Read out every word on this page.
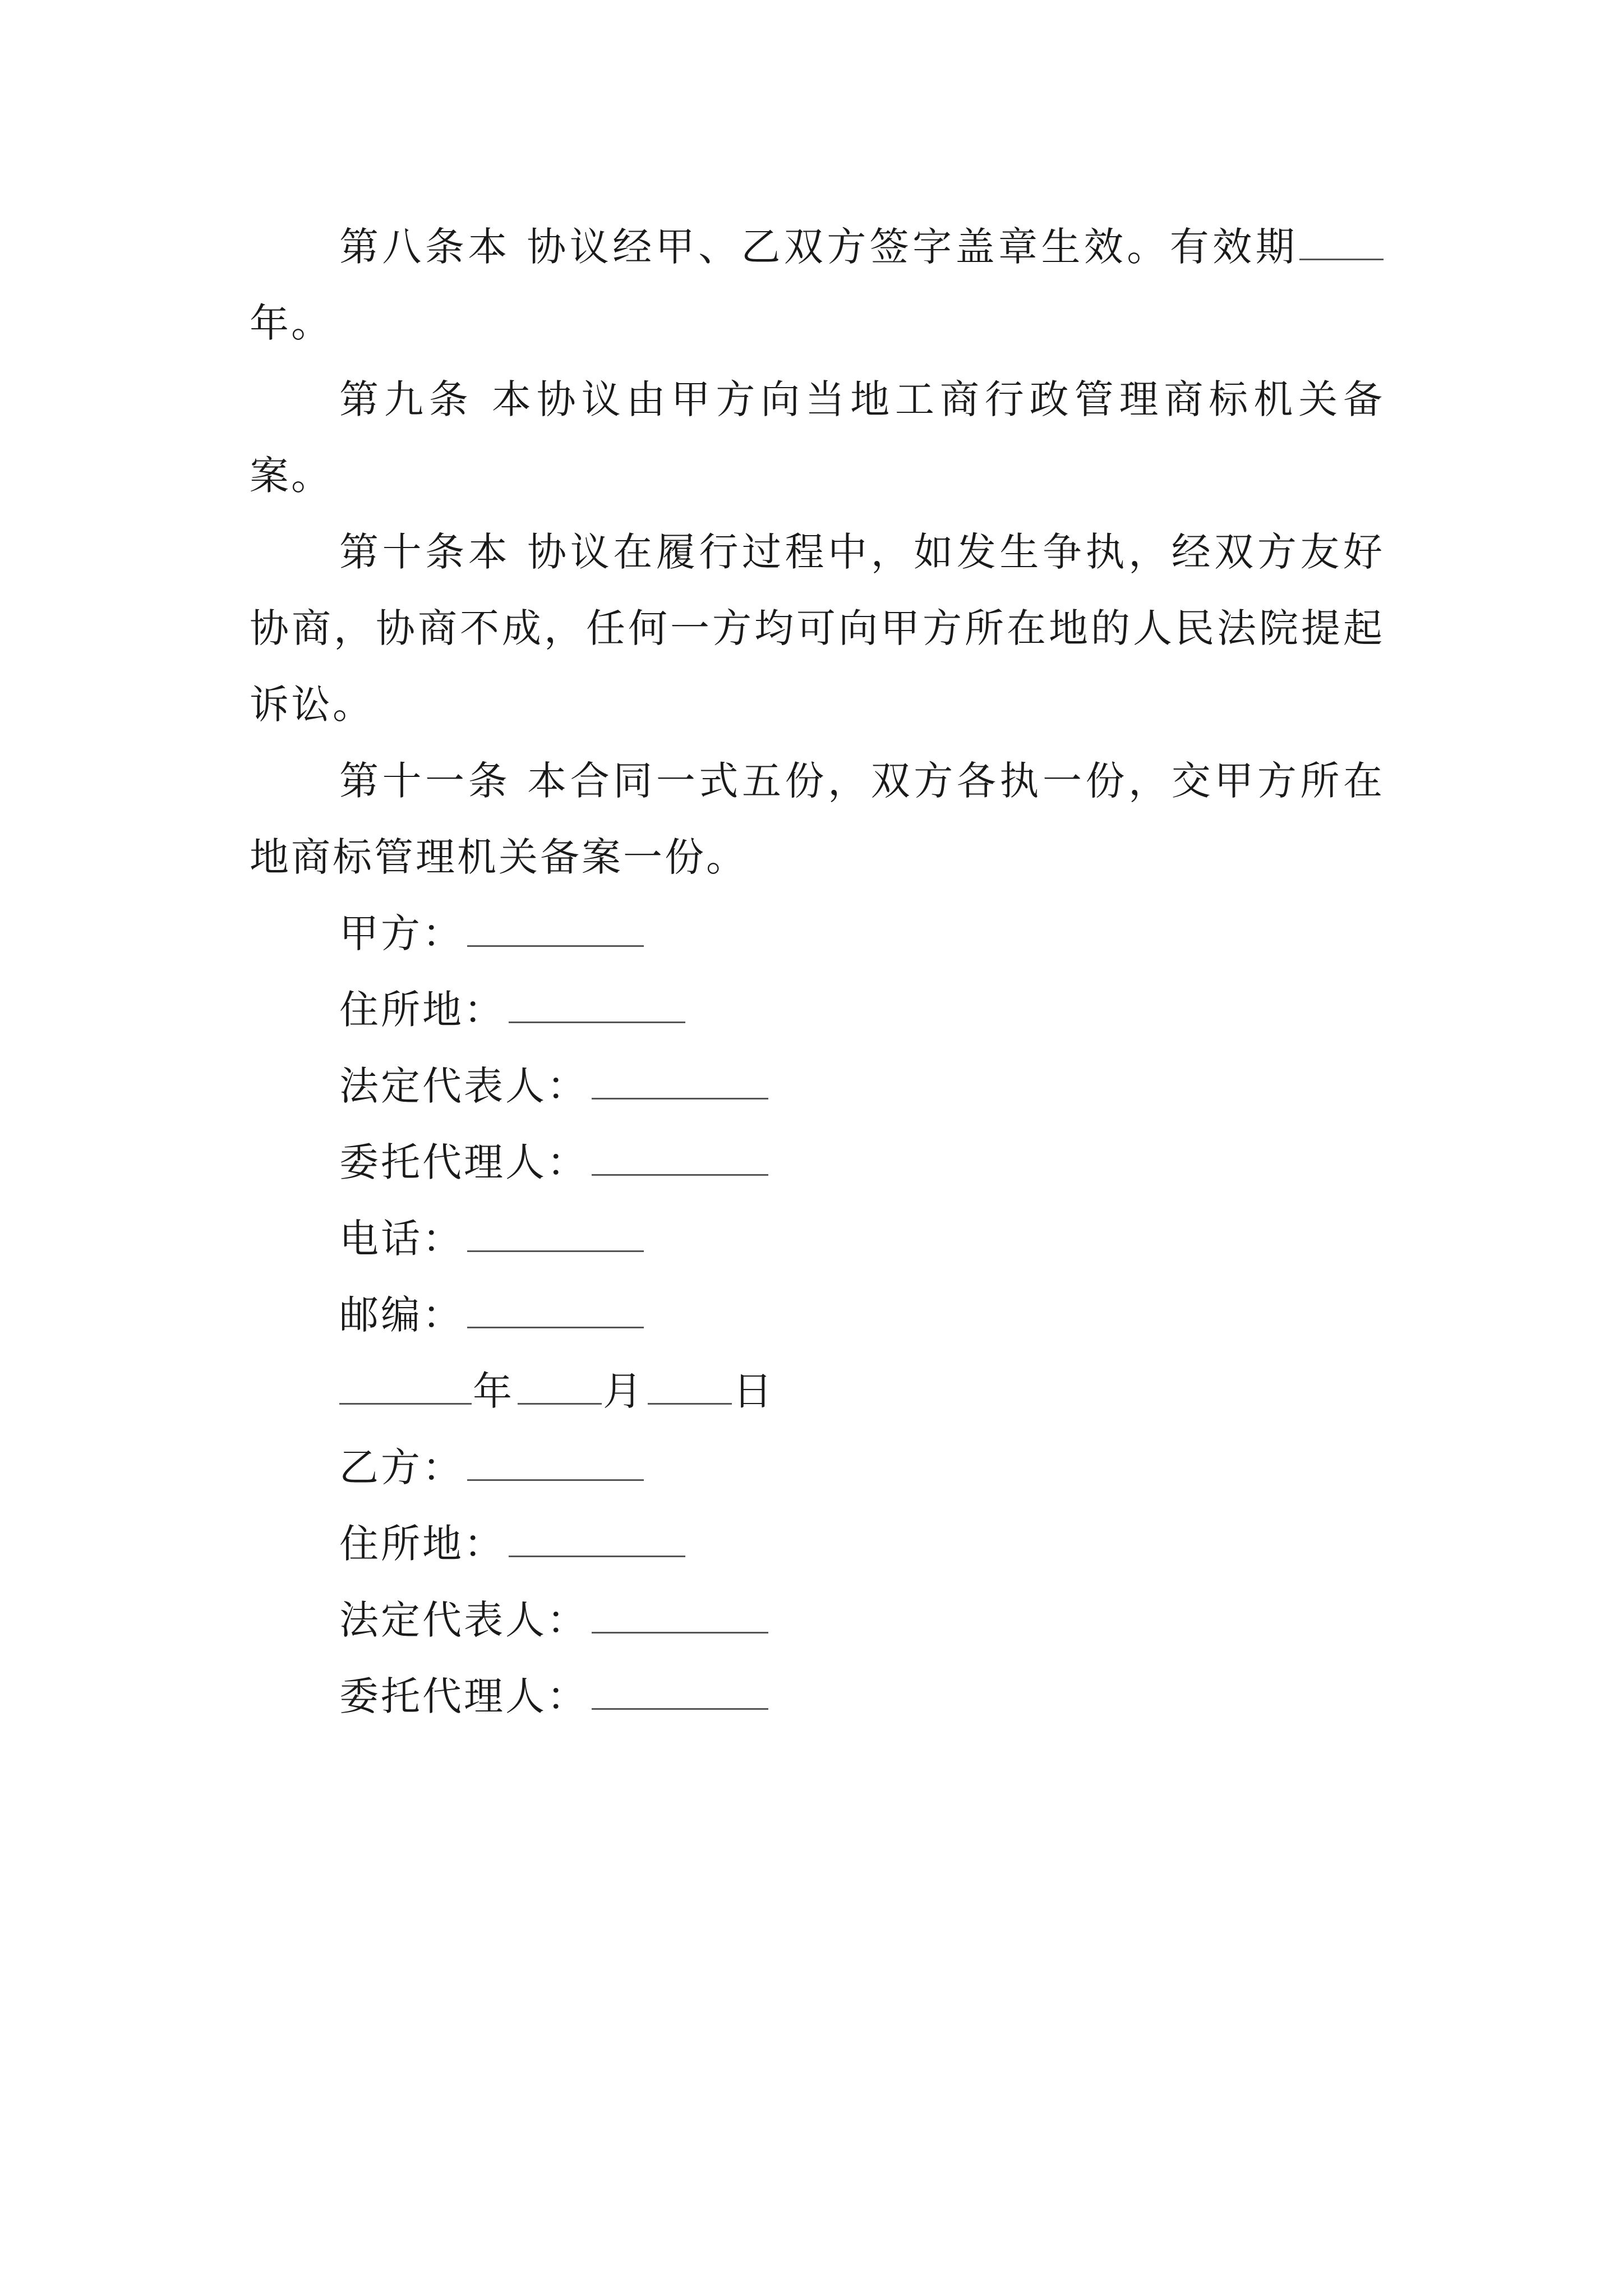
第八条本 协议经甲、乙双方签字盖章生效。有效期年。

第九条 本协议由甲方向当地工商行政管理商标机关备案。

第十条本 协议在履行过程中，如发生争执，经双方友好协商，协商不成，任何一方均可向甲方所在地的人民法院提起诉讼。

第十一条 本合同一式五份，双方各执一份，交甲方所在地商标管理机关备案一份。

甲方：
住所地：
法定代表人：
委托代理人：
电话：
邮编：
年 月 日
乙方：
住所地：
法定代表人：
委托代理人：
